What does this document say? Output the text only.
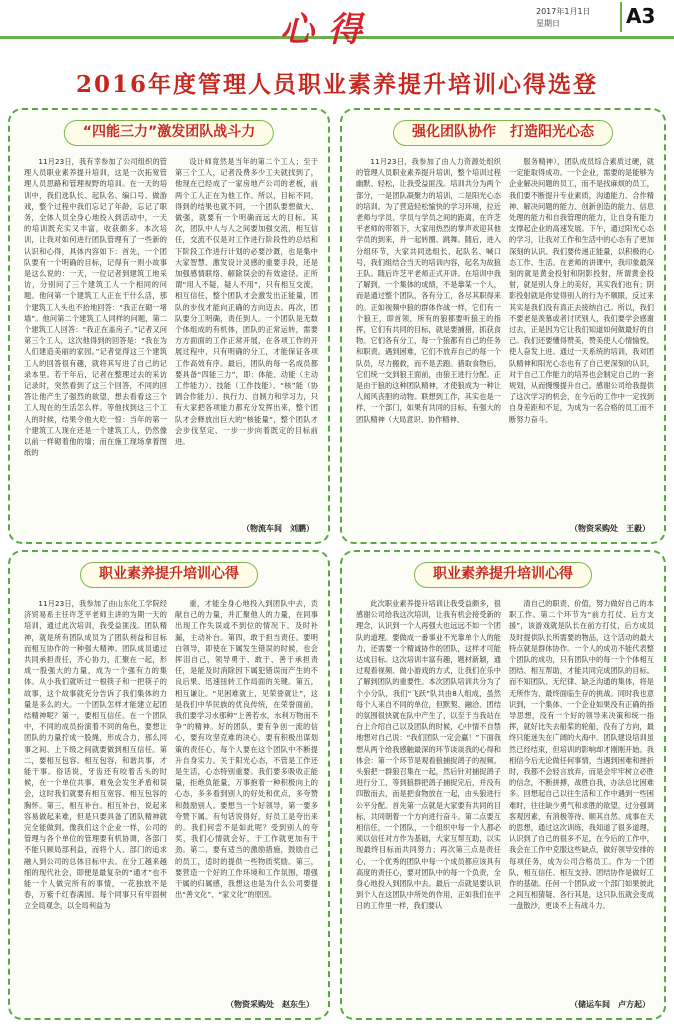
心得	2017年1月1日
星期日	A3
2016年度管理人员职业素养提升培训心得选登
“四能三力”激发团队战斗力

11月23日，我有幸参加了公司组织的管理人员职业素养提升培训，这是一次拓宽管理人员思路和管理视野的培训。在一天的培训中，我们选队长、起队名、编口号、做游戏，整个过程中我们忘记了年龄，忘记了职务，全体人员全身心地投入到活动中，一天的培训既充实又丰富，收获颇多。本次培训，让我对如何进行团队管理有了一些新的认识和心得，具体内容如下：首先，一个团队要有一个明确的目标，记得有一则小故事是这么说的：一天，一位记者到建筑工地采访，分别问了三个建筑工人一个相同的问题。他问第一个建筑工人正在干什么活，那个建筑工人头也不抬地回答：“我正在砌一堵墙”。他问第二个建筑工人同样的问题，第二个建筑工人回答：“我正在盖房子。”记者又问第三个工人，这次他得到的回答是：“我在为人们建造美丽的家园。”记者觉得这三个建筑工人的回答很有趣，就将其写进了自己的记录本里。若干年后，记者在整理过去的采访记录时，突然看到了这三个回答，不同的回答让他产生了强烈的欲望，想去看看这三个工人现在的生活怎么样。等他找到这三个工人的时候，结果令他大吃一惊：当年的第一个建筑工人现在还是一个建筑工人，仍然像以前一样砌着他的墙；而在施工现场拿着图纸的

设计师竟然是当年的第二个工人；至于第三个工人，记者没费多少工夫就找到了，他现在已经成了一家房地产公司的老板，前两个工人正在为他工作。所以，目标不同，得到的结果也就不同，一个团队要想做大、做强，就要有一个明确而远大的目标。其次，团队中人与人之间要加强交流，相互信任，交流不仅是对工作进行阶段性的总结和下阶段工作进行计划的必要沙溉，也是集中大家智慧、激发设计灵感的重要手段，还是加强感情联络、解除误会的有效途径。正所谓“用人不疑，疑人不用”，只有相互交流，相互信任，整个团队才会激发出正能量，团队的步伐才能向正确的方向迈去。再次，团队要分工明确，责任到人。一个团队是无数个体组成的有机体，团队的正常运转，需要方方面面的工作正常开展，在各项工作的开展过程中，只有明确的分工，才能保证各项工作高效有序。最后，团队的每一名成员都要具备“四能三力”，即：体能、动能（主动工作能力）、技能（工作技能）、“核”能（协调合作能力）、执行力、自制力和学习力，只有大家把各项能力都充分发挥出来，整个团队才会释放出巨大的“核能量”，整个团队才会步伐坚定、一步一步向着既定的目标前进。

（物流车间　刘鹏）
强化团队协作　打造阳光心态

11月23日，我参加了由人力资源处组织的管理人员职业素养提升培训，整个培训过程幽默、轻松，让我受益匪浅。培训共分为两个部分，一是团队凝聚力的培训，二是阳光心态的培训。为了营造轻松愉快的学习环境，拉近老师与学员、学员与学员之间的距离，在许芝平老师的带领下，大家用热烈的掌声欢迎其他学员的到来，并一起转圈、跳舞。随后，进入分组环节，大家共同选组长、起队名、喊口号，我们组结合当天的培训内容，起名为故狼王队。随后许芝平老师正式开讲。在培训中我了解到，一个集体的成绩，不是靠某一个人，而是通过整个团队，各有分工，各尽其职得来的。正如视频中狼的群体作战一样，它们有一个狼王，即首领，所有的狼都要听狼王的指挥，它们有共同的目标，就是要捕猎，抓获食物。它们各有分工，每一个狼都有自己的任务和职责。遇到困难，它们不放弃自己的每一个队员，尽力搬救，而不是丢跑。猎取食物后，它们统一交到狼王面前，由狼王进行分配。正是由于狼的这种团队精神，才使狼成为一种让人闻风丧胆的动物。联想到工作，其实也是一样，一个部门，如果有共同的目标，有强大的团队精神（大局意识、协作精神、

服务精神），团队成员综合素质过硬，就一定能取得成功。一个企业，需要的是能够为企业解决问题的员工，而不是找麻烦的员工，我们要不断提升专业素质，沟通能力、合作精神、解决问题的能力、创新创造的能力、信息处理的能力和自我管理的能力，让自身有能力支撑起企业的高速发展。下午，通过阳光心态的学习，让我对工作和生活中的心态有了更加深刻的认识。我们要传递正能量，以积极的心态工作、生活。在老师的讲课中，我印象最深刻的就是黄金投射和阴影投射，所谓黄金投射，就是别人身上的美好，其实我们也有；阴影投射就是你觉得别人的行为不顺眼，反过来其实是我们没有真正去接纳自己。所以，我们不要老是羡慕或者讨厌别人，我们要学会感谢过去，正是因为它让我们知道如何做最好的自己。我们还要懂得赞美，赞美使人心情愉悦，使人奋发上进。通过一天系统的培训，我对团队精神和阳光心态也有了自己更深刻的认识，对于自己工作能力的培养也会制定自己的一套规划，从而慢慢提升自己。感谢公司给我提供了这次学习的机会，在今后的工作中一定找到自身差距和不足，为成为一名合格的员工而不断努力奋斗。

（物资采购处　王毅）
职业素养提升培训心得

11月23日，我参加了由山东化工学院经济贸易系主任许芝平老师主讲的为期一天的培训，通过此次培训，我受益匪浅。团队精神，就是所有团队成员为了团队利益和目标而相互协作的一种强大精神。团队成员通过共同承担责任，齐心协力，汇聚在一起，形成一股强大的力量，成为一个强有力的集体。从小我们就听过一根筷子和一把筷子的故事，这个故事就充分告诉了我们集体的力量是多么的大。一个团队怎样才能建立起团结精神呢？第一，要相互信任。在一个团队中，不同的成员扮演着不同的角色，要想让团队的力量拧成一股绳，形成合力，那么同事之间、上下级之间就要做到相互信任。第二，要相互包容。相互包容，和谐共事，才能干事。俗话说，牙齿还有咬着舌头的时候，在一个单位共事，难免会发生矛盾和误会，这时我们就要有相互宽容、相互包容的胸怀。第三，相互补台。相互补台，说起来容易做起来难，但是只要具备了团队精神就完全能做到。像我们这个企业一样，公司的管理与各个单位的管理要有机协调，各部门不能只顾局部利益，而将个人、部门的追求融入到公司的总体目标中去。在分工越来越细的现代社会，即便是最复杂的“通才”也不能一个人做完所有的事情，一花独放不是春，万紫千红春满园。每个同事只有牢固树立全局观念，以全局利益为

重，才能全身心地投入到团队中去，贡献自己的力量，并汇聚他人的力量，在同事出现工作失误或不到位的情况下，及时补漏，主动补台。第四，敢于担当责任。要明白领导，即使在下属发生错误的时候，也会挥泪自己，领导勇于、敢于、善于承担责任，是能及时消除因下属犯错误而产生的不良后果、迅速扭转工作局面的关键。第五，相互谦让。“见困难就上，见荣誉就让”，这是我们中华民族的优良传统，在荣誉面前，我们要学习水那种“上善若水，水利万物而不争”的精神。好的团队，要有争创一流的信心，要有攻坚克难的决心，要有积极出谋划策的责任心，每个人要在这个团队中不断提升自身实力。关于阳光心态，不管是工作还是生活，心态特别重要。我们要多吸收正能量，拒绝负能量，万事抱着一种积极向上的心态，多多看到别人的好处和优点，多夸赞和鼓励别人。要想当一个好领导，第一要多夸赞下属。有句话说得好，好员工是夸出来的。我们何尝不是如此呢？受到别人的夸奖，我们心情就会好，干工作就更加有干劲。第二，要有适当的激励措施，鼓励自己的员工，适时的提供一些物质奖励。第三，要营造一个好的工作环境和工作氛围，增强干属的归属感，我想这也是为什么公司要提出“善文化”、“家文化”的原因。

（物资采购处　赵东生）
职业素养提升培训心得

此次职业素养提升培训让我受益颇多，很感谢公司给我这次培训，让我有机会接受新的理念，认识到一个人再强大也远远不如一个团队的道理。要做成一番事业不光靠单个人的能力，还需要一个精诚协作的团队，这样才可能达成目标。这次培训丰富有趣，题材新颖，通过观看视频、做小游戏的方式，让我们在乐中了解到团队的重要性。本次团队培训共分为了个小分队，我们“飞跃”队共由8人组成，虽然每个人来自不同的单位，但默契、融洽、团结的氛围很快就在队中产生了，以至于当我站在台上介绍自己以及团队的时候，心中情不自禁地想对自己说：“我们团队一定会赢！”下面我想从两个给我感触最深的环节谈谈我的心得和体会：第一个环节是观看狼捕捉鸽子的视频。头狼把一群狼召集在一起，然后针对捕捉鸽子进行分工，等到狼群把鸽子捕捉完后，并没有四散而去，而是把食物放在一起，由头狼进行公平分配。首先第一点就是大家要有共同的目标，共同朝着一个方向进行奋斗。第二点要互相信任，一个团队，一个组织中每一个人都必须以信任对方作为基础，大家互帮互助，以实现最终目标而共同努力；再次第三点是责任心，一个优秀的团队中每一个成员都应该具有高度的责任心，要对团队中的每一个负责，全身心地投入到团队中去。最后一点就是要认识到个人在这团队中所处的作用，正如我们在平日的工作里一样，我们要认

清自己的职责、价值，努力做好自己的本职工作。第二个环节为“前方打仗、后方支援”，该游戏就是队长在前方打仗，后方成员及时提供队长所需要的物品，这个活动的最大特点就是群体协作。一个人的成功不能代表整个团队的成功，只有团队中的每一个个体相互团结、相互帮助，才能共同完成团队的目标。而不知团队、无纪律、缺乏沟通的集体，将是无所作为、最终面临生存的挑战。同时我也意识到，一个集体、一个企业如果没有正确的指导思想，没有一个好的领导来决策和统一指挥，就好比失去船桨的轮船，没有了方向，最终只能迷失在广阔的大海中。团队建设培训虽然已经结束，但培训的影响却才刚刚开始。我相信今后无论做任何事情，当遇到困难和挫折时，我都不会轻言放弃，而是会牢牢树立必胜的信念，不断拼搏，战胜自我，办法总比困难多。回想起自己以往生活和工作中遇到一些困难时，往往缺少勇气和求胜的欲望，过分强调客观因素，有消极等待、顺其自然、成事在天的思想，通过这次训练，我知道了很多道理，认识到了自己的很多不足，在今后的工作中，我会在工作中克服这些缺点，做好领导安排的每项任务，成为公司合格员工。作为一个团队，相互信任、相互支持、团结协作是做好工作的基础。任何一个团队或一个部门如果彼此之间互相猜疑、各行其是，这只队伍就会变成一盘散沙，更谈不上有战斗力。

（储运车间　卢方起）
